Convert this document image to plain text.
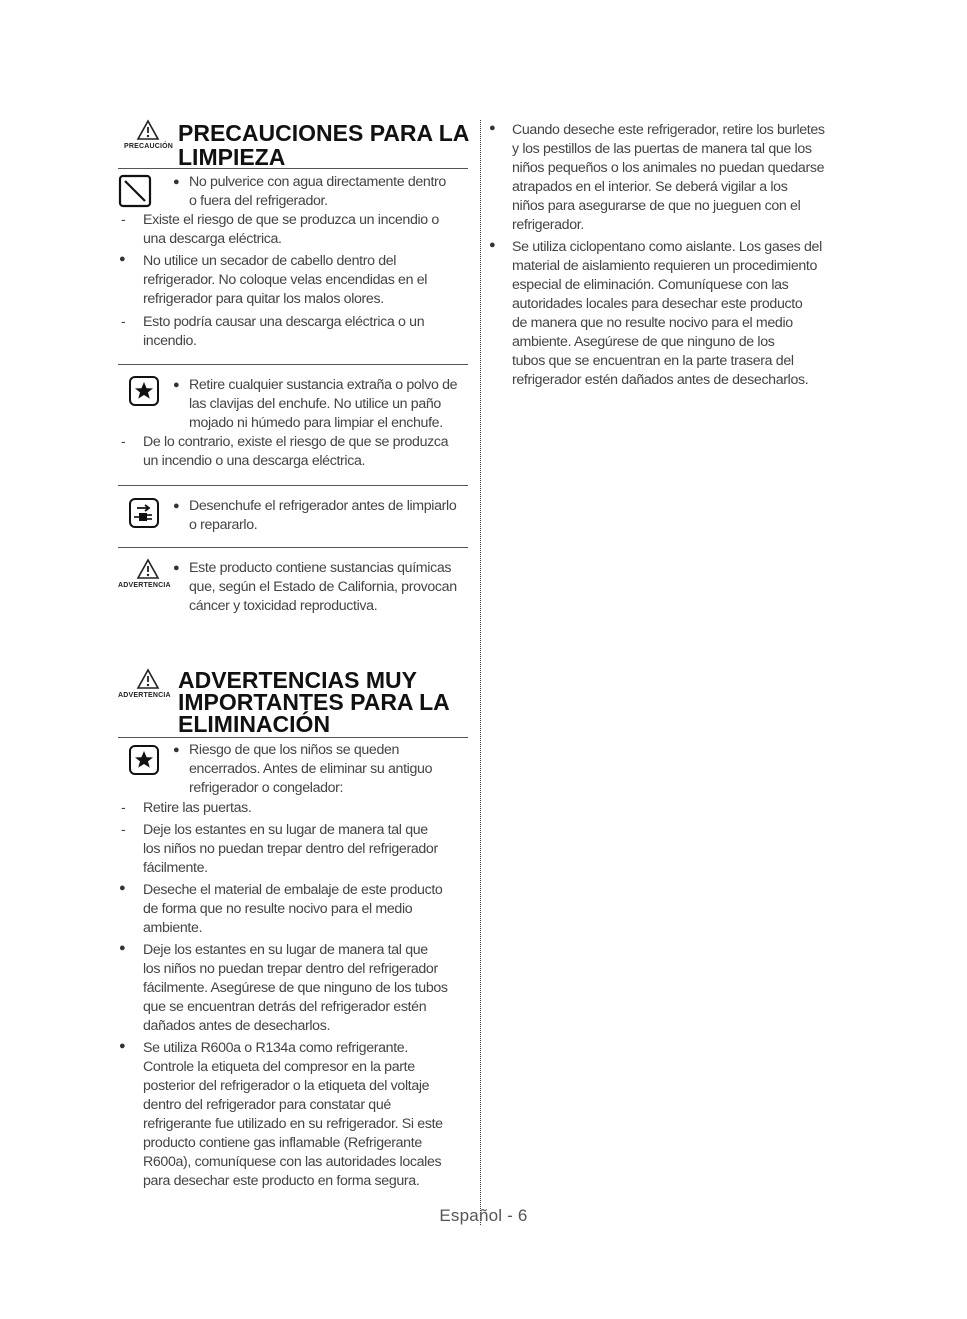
PRECAUCIÓN
PRECAUCIONES PARA LA
LIMPIEZA
● No pulverice con agua directamente dentro
o fuera del refrigerador.
- Existe el riesgo de que se produzca un incendio o
una descarga eléctrica.
● No utilice un secador de cabello dentro del
refrigerador. No coloque velas encendidas en el
refrigerador para quitar los malos olores.
- Esto podría causar una descarga eléctrica o un
incendio.
● Retire cualquier sustancia extraña o polvo de
las clavijas del enchufe. No utilice un paño
mojado ni húmedo para limpiar el enchufe.
- De lo contrario, existe el riesgo de que se produzca
un incendio o una descarga eléctrica.
● Desenchufe el refrigerador antes de limpiarlo
o repararlo.
ADVERTENCIA
● Este producto contiene sustancias químicas
que, según el Estado de California, provocan
cáncer y toxicidad reproductiva.
ADVERTENCIA
ADVERTENCIAS MUY
IMPORTANTES PARA LA
ELIMINACIÓN
● Riesgo de que los niños se queden
encerrados. Antes de eliminar su antiguo
refrigerador o congelador:
- Retire las puertas.
- Deje los estantes en su lugar de manera tal que
los niños no puedan trepar dentro del refrigerador
fácilmente.
● Deseche el material de embalaje de este producto
de forma que no resulte nocivo para el medio
ambiente.
● Deje los estantes en su lugar de manera tal que
los niños no puedan trepar dentro del refrigerador
fácilmente. Asegúrese de que ninguno de los tubos
que se encuentran detrás del refrigerador estén
dañados antes de desecharlos.
● Se utiliza R600a o R134a como refrigerante.
Controle la etiqueta del compresor en la parte
posterior del refrigerador o la etiqueta del voltaje
dentro del refrigerador para constatar qué
refrigerante fue utilizado en su refrigerador. Si este
producto contiene gas inflamable (Refrigerante
R600a), comuníquese con las autoridades locales
para desechar este producto en forma segura.
● Cuando deseche este refrigerador, retire los burletes
y los pestillos de las puertas de manera tal que los
niños pequeños o los animales no puedan quedarse
atrapados en el interior. Se deberá vigilar a los
niños para asegurarse de que no jueguen con el
refrigerador.
● Se utiliza ciclopentano como aislante. Los gases del
material de aislamiento requieren un procedimiento
especial de eliminación. Comuníquese con las
autoridades locales para desechar este producto
de manera que no resulte nocivo para el medio
ambiente. Asegúrese de que ninguno de los
tubos que se encuentran en la parte trasera del
refrigerador estén dañados antes de desecharlos.
Español - 6
